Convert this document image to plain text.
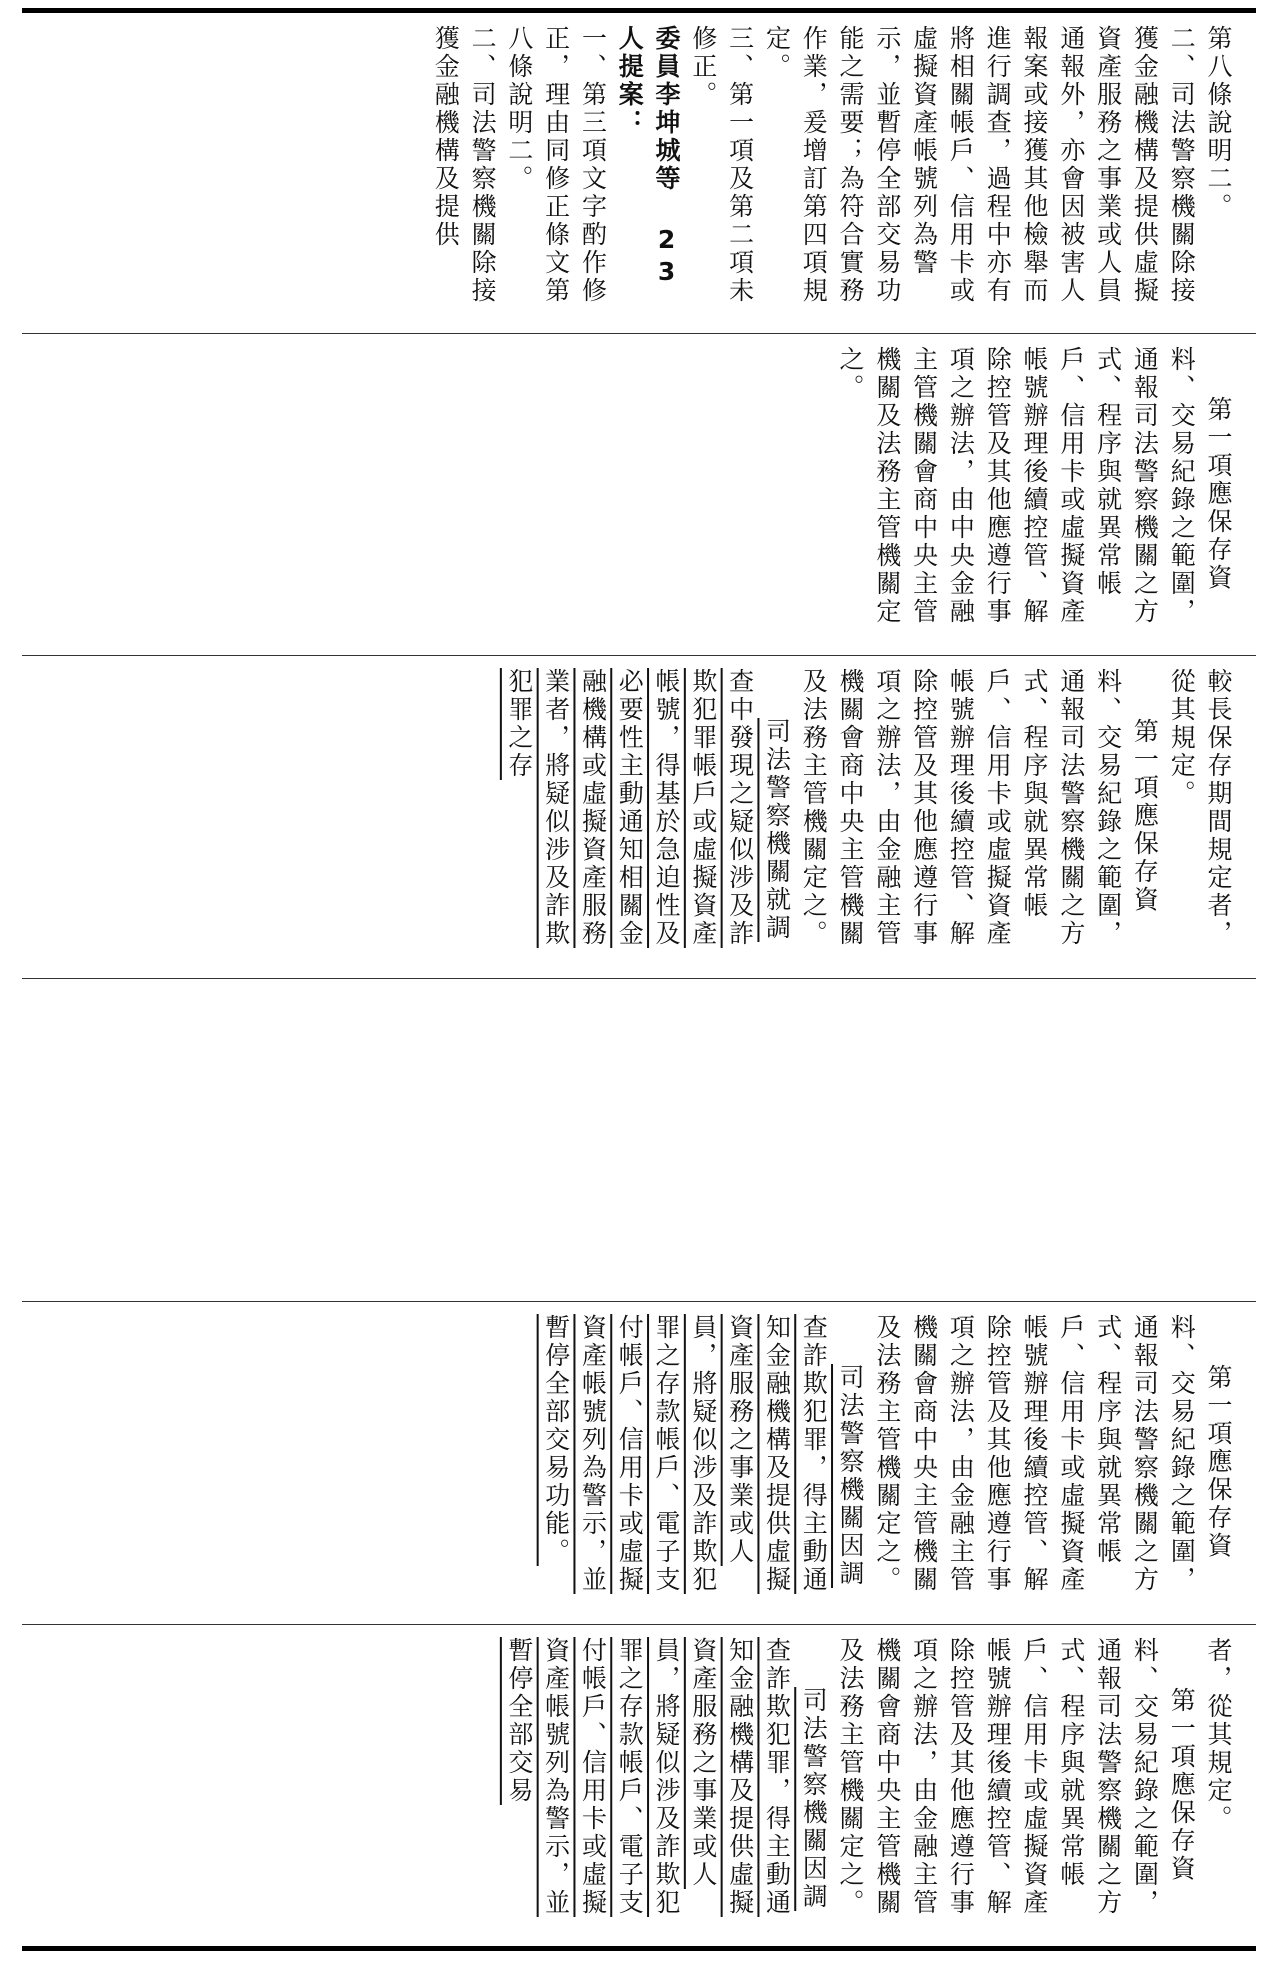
第八條說明二。
二、司法警察機關除接獲金融機構及提供虛擬資產服務之事業或人員通報外，亦會因被害人報案或接獲其他檢舉而進行調查，過程中亦有將相關帳戶、信用卡或虛擬資產帳號列為警示，並暫停全部交易功能之需要；為符合實務作業，爰增訂第四項規定。
三、第一項及第二項未修正。
委員李坤城等 23 人提案：
一、第三項文字酌作修正，理由同修正條文第八條說明二。
二、司法警察機關除接獲金融機構及提供
第一項應保存資料、交易紀錄之範圍，通報司法警察機關之方式、程序與就異常帳戶、信用卡或虛擬資產帳號辦理後續控管、解除控管及其他應遵行事項之辦法，由中央金融主管機關會商中央主管機關及法務主管機關定之。
較長保存期間規定者，從其規定。
第一項應保存資料、交易紀錄之範圍，通報司法警察機關之方式、程序與就異常帳戶、信用卡或虛擬資產帳號辦理後續控管、解除控管及其他應遵行事項之辦法，由金融主管機關會商中央主管機關及法務主管機關定之。
司法警察機關就調查中發現之疑似涉及詐欺犯罪帳戶或虛擬資產帳號，得基於急迫性及必要性主動通知相關金融機構或虛擬資產服務業者，將疑似涉及詐欺犯罪之存
第一項應保存資料、交易紀錄之範圍，通報司法警察機關之方式、程序與就異常帳戶、信用卡或虛擬資產帳號辦理後續控管、解除控管及其他應遵行事項之辦法，由金融主管機關會商中央主管機關及法務主管機關定之。
司法警察機關因調查詐欺犯罪，得主動通知金融機構及提供虛擬資產服務之事業或人員，將疑似涉及詐欺犯罪之存款帳戶、電子支付帳戶、信用卡或虛擬資產帳號列為警示，並暫停全部交易功能。
者，從其規定。
第一項應保存資料、交易紀錄之範圍，通報司法警察機關之方式、程序與就異常帳戶、信用卡或虛擬資產帳號辦理後續控管、解除控管及其他應遵行事項之辦法，由金融主管機關會商中央主管機關及法務主管機關定之。
司法警察機關因調查詐欺犯罪，得主動通知金融機構及提供虛擬資產服務之事業或人員，將疑似涉及詐欺犯罪之存款帳戶、電子支付帳戶、信用卡或虛擬資產帳號列為警示，並暫停全部交易
